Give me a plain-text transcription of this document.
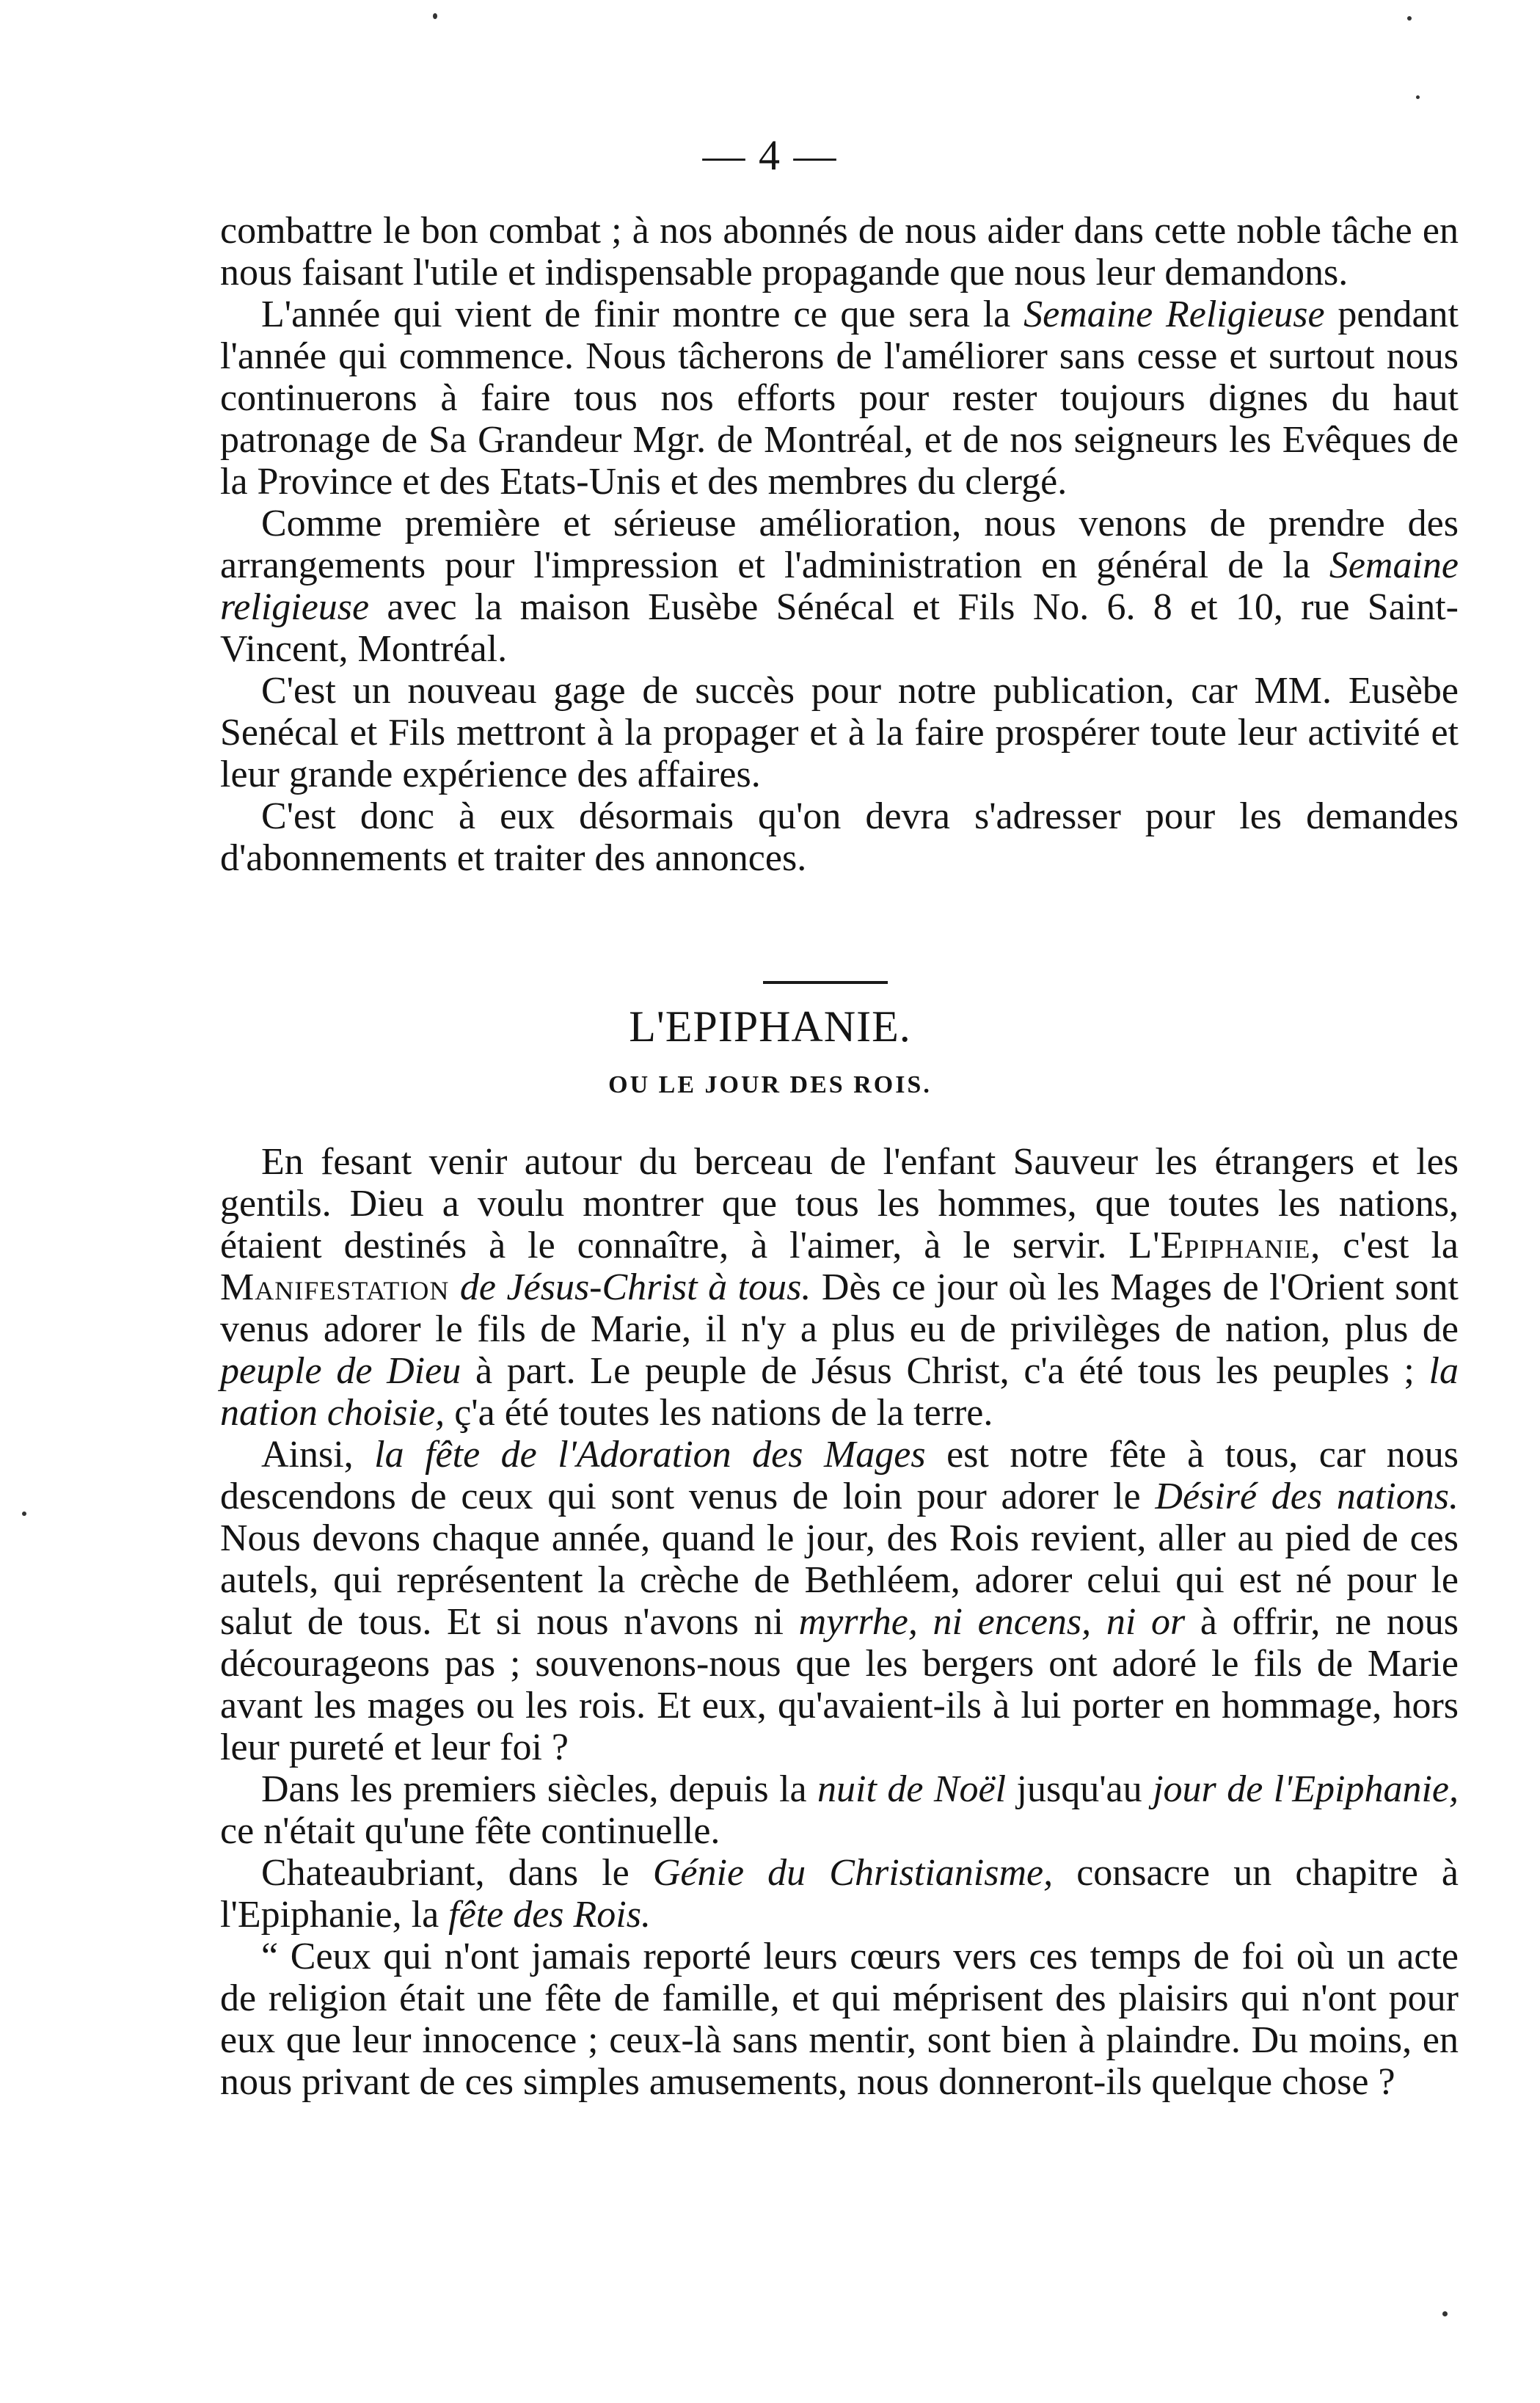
— 4 —

combattre le bon combat ; à nos abonnés de nous aider dans cette noble tâche en nous faisant l'utile et indispensable propagande que nous leur demandons.

L'année qui vient de finir montre ce que sera la Semaine Religieuse pendant l'année qui commence. Nous tâcherons de l'améliorer sans cesse et surtout nous continuerons à faire tous nos efforts pour rester toujours dignes du haut patronage de Sa Grandeur Mgr. de Montréal, et de nos seigneurs les Evêques de la Province et des Etats-Unis et des membres du clergé.

Comme première et sérieuse amélioration, nous venons de prendre des arrangements pour l'impression et l'administration en général de la Semaine religieuse avec la maison Eusèbe Sénécal et Fils No. 6. 8 et 10, rue Saint-Vincent, Montréal.

C'est un nouveau gage de succès pour notre publication, car MM. Eusèbe Senécal et Fils mettront à la propager et à la faire prospérer toute leur activité et leur grande expérience des affaires.

C'est donc à eux désormais qu'on devra s'adresser pour les demandes d'abonnements et traiter des annonces.

L'EPIPHANIE.
OU LE JOUR DES ROIS.

En fesant venir autour du berceau de l'enfant Sauveur les étrangers et les gentils. Dieu a voulu montrer que tous les hommes, que toutes les nations, étaient destinés à le connaître, à l'aimer, à le servir. L'Epiphanie, c'est la Manifestation de Jésus-Christ à tous. Dès ce jour où les Mages de l'Orient sont venus adorer le fils de Marie, il n'y a plus eu de privilèges de nation, plus de peuple de Dieu à part. Le peuple de Jésus Christ, c'a été tous les peuples ; la nation choisie, ç'a été toutes les nations de la terre.

Ainsi, la fête de l'Adoration des Mages est notre fête à tous, car nous descendons de ceux qui sont venus de loin pour adorer le Désiré des nations. Nous devons chaque année, quand le jour, des Rois revient, aller au pied de ces autels, qui représentent la crèche de Bethléem, adorer celui qui est né pour le salut de tous. Et si nous n'avons ni myrrhe, ni encens, ni or à offrir, ne nous décourageons pas ; souvenons-nous que les bergers ont adoré le fils de Marie avant les mages ou les rois. Et eux, qu'avaient-ils à lui porter en hommage, hors leur pureté et leur foi ?

Dans les premiers siècles, depuis la nuit de Noël jusqu'au jour de l'Epiphanie, ce n'était qu'une fête continuelle.

Chateaubriant, dans le Génie du Christianisme, consacre un chapitre à l'Epiphanie, la fête des Rois.

“ Ceux qui n'ont jamais reporté leurs cœurs vers ces temps de foi où un acte de religion était une fête de famille, et qui méprisent des plaisirs qui n'ont pour eux que leur innocence ; ceux-là sans mentir, sont bien à plaindre. Du moins, en nous privant de ces simples amusements, nous donneront-ils quelque chose ?
